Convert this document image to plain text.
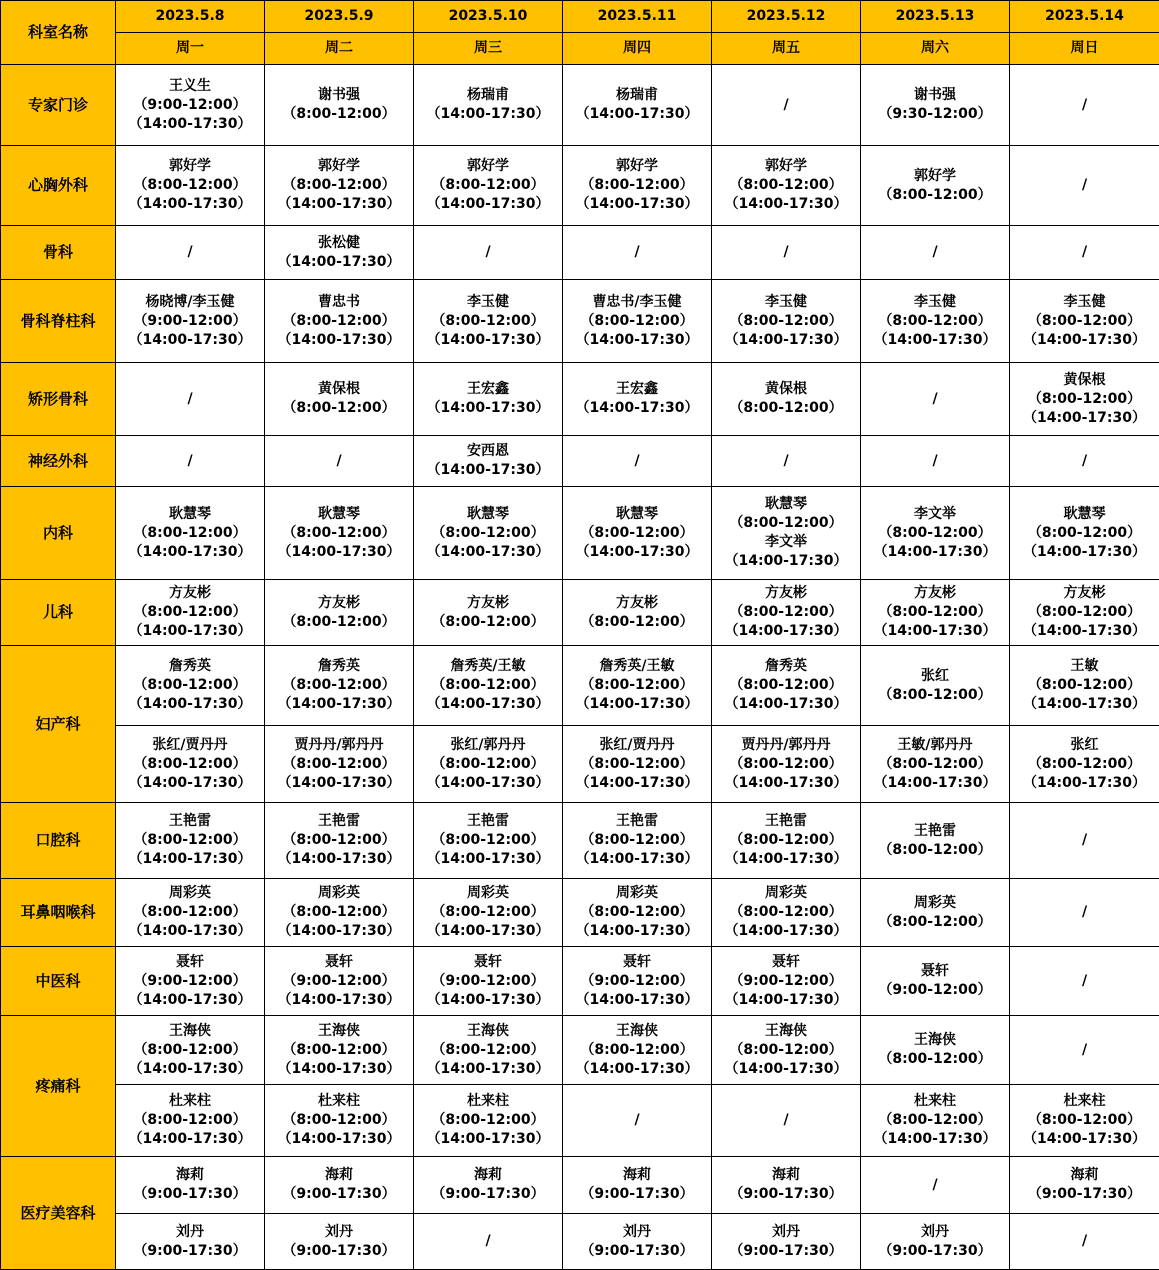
科室名称	2023.5.8	2023.5.9	2023.5.10	2023.5.11	2023.5.12	2023.5.13	2023.5.14
	周一	周二	周三	周四	周五	周六	周日
专家门诊	王义生
（9:00-12:00）
（14:00-17:30）	谢书强
（8:00-12:00）	杨瑞甫
（14:00-17:30）	杨瑞甫
（14:00-17:30）	/	谢书强
（9:30-12:00）	/

心胸外科	郭好学
（8:00-12:00）
（14:00-17:30）	郭好学
（8:00-12:00）
（14:00-17:30）	郭好学
（8:00-12:00）
（14:00-17:30）	郭好学
（8:00-12:00）
（14:00-17:30）	郭好学
（8:00-12:00）
（14:00-17:30）	郭好学
（8:00-12:00）	/

骨科	/	张松健
（14:00-17:30）	/	/	/	/	/

骨科脊柱科	杨晓博/李玉健
（9:00-12:00）
（14:00-17:30）	曹忠书
（8:00-12:00）
（14:00-17:30）	李玉健
（8:00-12:00）
（14:00-17:30）	曹忠书/李玉健
（8:00-12:00）
（14:00-17:30）	李玉健
（8:00-12:00）
（14:00-17:30）	李玉健
（8:00-12:00）
（14:00-17:30）	李玉健
（8:00-12:00）
（14:00-17:30）

矫形骨科	/	黄保根
（8:00-12:00）	王宏鑫
（14:00-17:30）	王宏鑫
（14:00-17:30）	黄保根
（8:00-12:00）	/	黄保根
（8:00-12:00）
（14:00-17:30）

神经外科	/	/	安西恩
（14:00-17:30）	/	/	/	/

内科	耿慧琴
（8:00-12:00）
（14:00-17:30）	耿慧琴
（8:00-12:00）
（14:00-17:30）	耿慧琴
（8:00-12:00）
（14:00-17:30）	耿慧琴
（8:00-12:00）
（14:00-17:30）	耿慧琴
（8:00-12:00）
李文举
（14:00-17:30）	李文举
（8:00-12:00）
（14:00-17:30）	耿慧琴
（8:00-12:00）
（14:00-17:30）

儿科	方友彬
（8:00-12:00）
（14:00-17:30）	方友彬
（8:00-12:00）	方友彬
（8:00-12:00）	方友彬
（8:00-12:00）	方友彬
（8:00-12:00）
（14:00-17:30）	方友彬
（8:00-12:00）
（14:00-17:30）	方友彬
（8:00-12:00）
（14:00-17:30）

妇产科	詹秀英
（8:00-12:00）
（14:00-17:30）	詹秀英
（8:00-12:00）
（14:00-17:30）	詹秀英/王敏
（8:00-12:00）
（14:00-17:30）	詹秀英/王敏
（8:00-12:00）
（14:00-17:30）	詹秀英
（8:00-12:00）
（14:00-17:30）	张红
（8:00-12:00）	王敏
（8:00-12:00）
（14:00-17:30）

	张红/贾丹丹
（8:00-12:00）
（14:00-17:30）	贾丹丹/郭丹丹
（8:00-12:00）
（14:00-17:30）	张红/郭丹丹
（8:00-12:00）
（14:00-17:30）	张红/贾丹丹
（8:00-12:00）
（14:00-17:30）	贾丹丹/郭丹丹
（8:00-12:00）
（14:00-17:30）	王敏/郭丹丹
（8:00-12:00）
（14:00-17:30）	张红
（8:00-12:00）
（14:00-17:30）

口腔科	王艳雷
（8:00-12:00）
（14:00-17:30）	王艳雷
（8:00-12:00）
（14:00-17:30）	王艳雷
（8:00-12:00）
（14:00-17:30）	王艳雷
（8:00-12:00）
（14:00-17:30）	王艳雷
（8:00-12:00）
（14:00-17:30）	王艳雷
（8:00-12:00）	/

耳鼻咽喉科	周彩英
（8:00-12:00）
（14:00-17:30）	周彩英
（8:00-12:00）
（14:00-17:30）	周彩英
（8:00-12:00）
（14:00-17:30）	周彩英
（8:00-12:00）
（14:00-17:30）	周彩英
（8:00-12:00）
（14:00-17:30）	周彩英
（8:00-12:00）	/

中医科	聂轩
（9:00-12:00）
（14:00-17:30）	聂轩
（9:00-12:00）
（14:00-17:30）	聂轩
（9:00-12:00）
（14:00-17:30）	聂轩
（9:00-12:00）
（14:00-17:30）	聂轩
（9:00-12:00）
（14:00-17:30）	聂轩
（9:00-12:00）	/

疼痛科	王海侠
（8:00-12:00）
（14:00-17:30）	王海侠
（8:00-12:00）
（14:00-17:30）	王海侠
（8:00-12:00）
（14:00-17:30）	王海侠
（8:00-12:00）
（14:00-17:30）	王海侠
（8:00-12:00）
（14:00-17:30）	王海侠
（8:00-12:00）	/

	杜来柱
（8:00-12:00）
（14:00-17:30）	杜来柱
（8:00-12:00）
（14:00-17:30）	杜来柱
（8:00-12:00）
（14:00-17:30）	/	/	杜来柱
（8:00-12:00）
（14:00-17:30）	杜来柱
（8:00-12:00）
（14:00-17:30）

医疗美容科	海莉
（9:00-17:30）	海莉
（9:00-17:30）	海莉
（9:00-17:30）	海莉
（9:00-17:30）	海莉
（9:00-17:30）	/	海莉
（9:00-17:30）

	刘丹
（9:00-17:30）	刘丹
（9:00-17:30）	/	刘丹
（9:00-17:30）	刘丹
（9:00-17:30）	刘丹
（9:00-17:30）	/
